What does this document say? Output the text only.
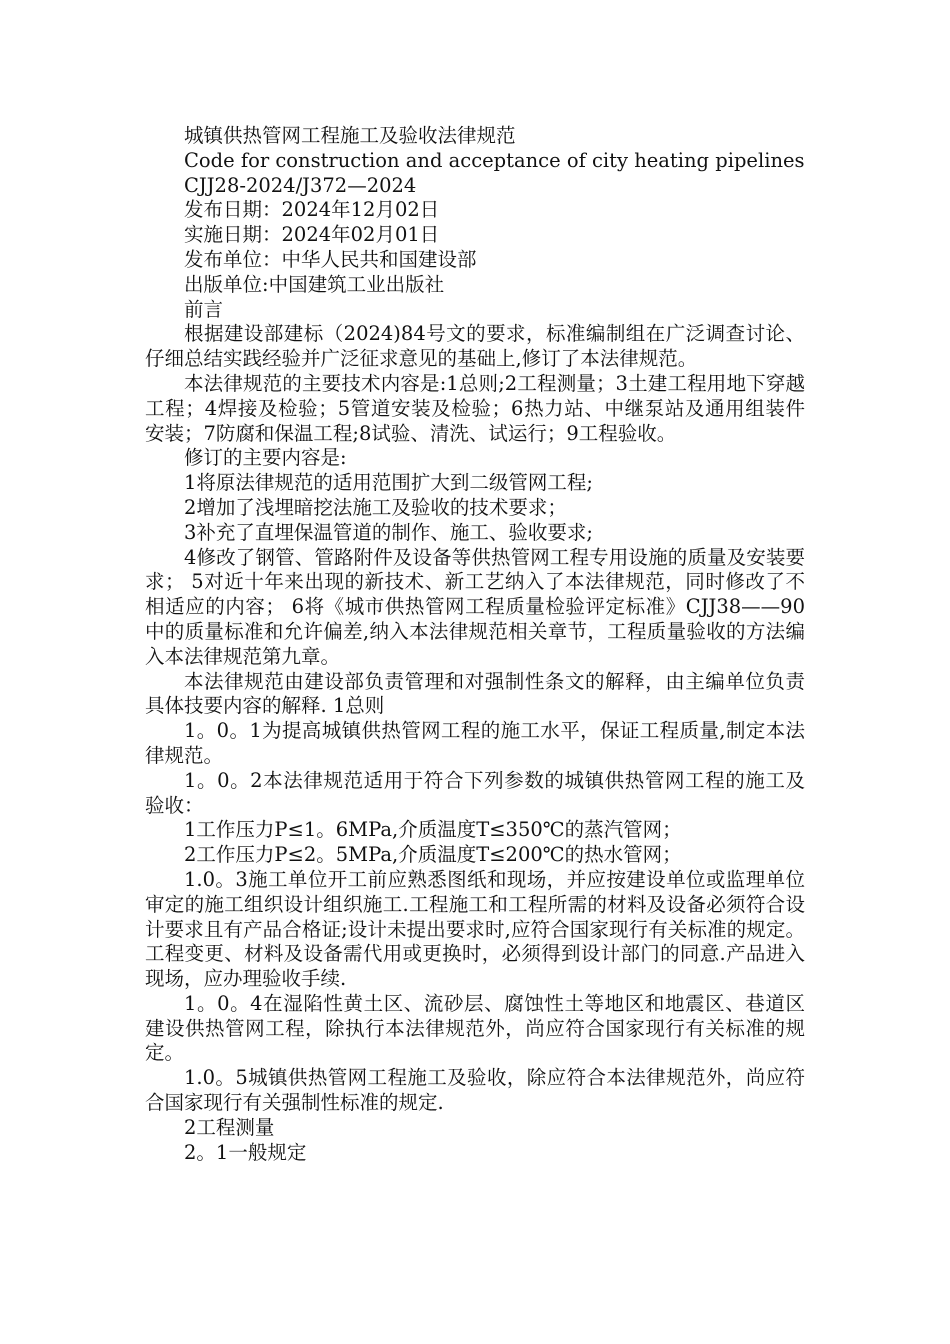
城镇供热管网工程施工及验收法律规范

Code for construction and acceptance of city heating pipelines

CJJ28-2024/J372—2024

发布日期：2024年12月02日

实施日期：2024年02月01日

发布单位：中华人民共和国建设部

出版单位:中国建筑工业出版社

前言

根据建设部建标（2024)84号文的要求，标准编制组在广泛调查讨论、仔细总结实践经验并广泛征求意见的基础上,修订了本法律规范。

本法律规范的主要技术内容是:1总则;2工程测量；3土建工程用地下穿越工程；4焊接及检验；5管道安装及检验；6热力站、中继泵站及通用组装件安装；7防腐和保温工程;8试验、清洗、试运行；9工程验收。

修订的主要内容是:

1将原法律规范的适用范围扩大到二级管网工程;

2增加了浅埋暗挖法施工及验收的技术要求；

3补充了直埋保温管道的制作、施工、验收要求;

4修改了钢管、管路附件及设备等供热管网工程专用设施的质量及安装要求； 5对近十年来出现的新技术、新工艺纳入了本法律规范，同时修改了不相适应的内容； 6将《城市供热管网工程质量检验评定标准》CJJ38——90中的质量标准和允许偏差,纳入本法律规范相关章节，工程质量验收的方法编入本法律规范第九章。

本法律规范由建设部负责管理和对强制性条文的解释，由主编单位负责具体技要内容的解释. 1总则

1。0。1为提高城镇供热管网工程的施工水平，保证工程质量,制定本法律规范。

1。0。2本法律规范适用于符合下列参数的城镇供热管网工程的施工及验收：

1工作压力P≤1。6MPa,介质温度T≤350℃的蒸汽管网；

2工作压力P≤2。5MPa,介质温度T≤200℃的热水管网；

1.0。3施工单位开工前应熟悉图纸和现场，并应按建设单位或监理单位审定的施工组织设计组织施工.工程施工和工程所需的材料及设备必须符合设计要求且有产品合格证;设计未提出要求时,应符合国家现行有关标准的规定。工程变更、材料及设备需代用或更换时，必须得到设计部门的同意.产品进入现场，应办理验收手续.

1。0。4在湿陷性黄土区、流砂层、腐蚀性土等地区和地震区、巷道区建设供热管网工程，除执行本法律规范外，尚应符合国家现行有关标准的规定。

1.0。5城镇供热管网工程施工及验收，除应符合本法律规范外，尚应符合国家现行有关强制性标准的规定.

2工程测量

2。1一般规定
